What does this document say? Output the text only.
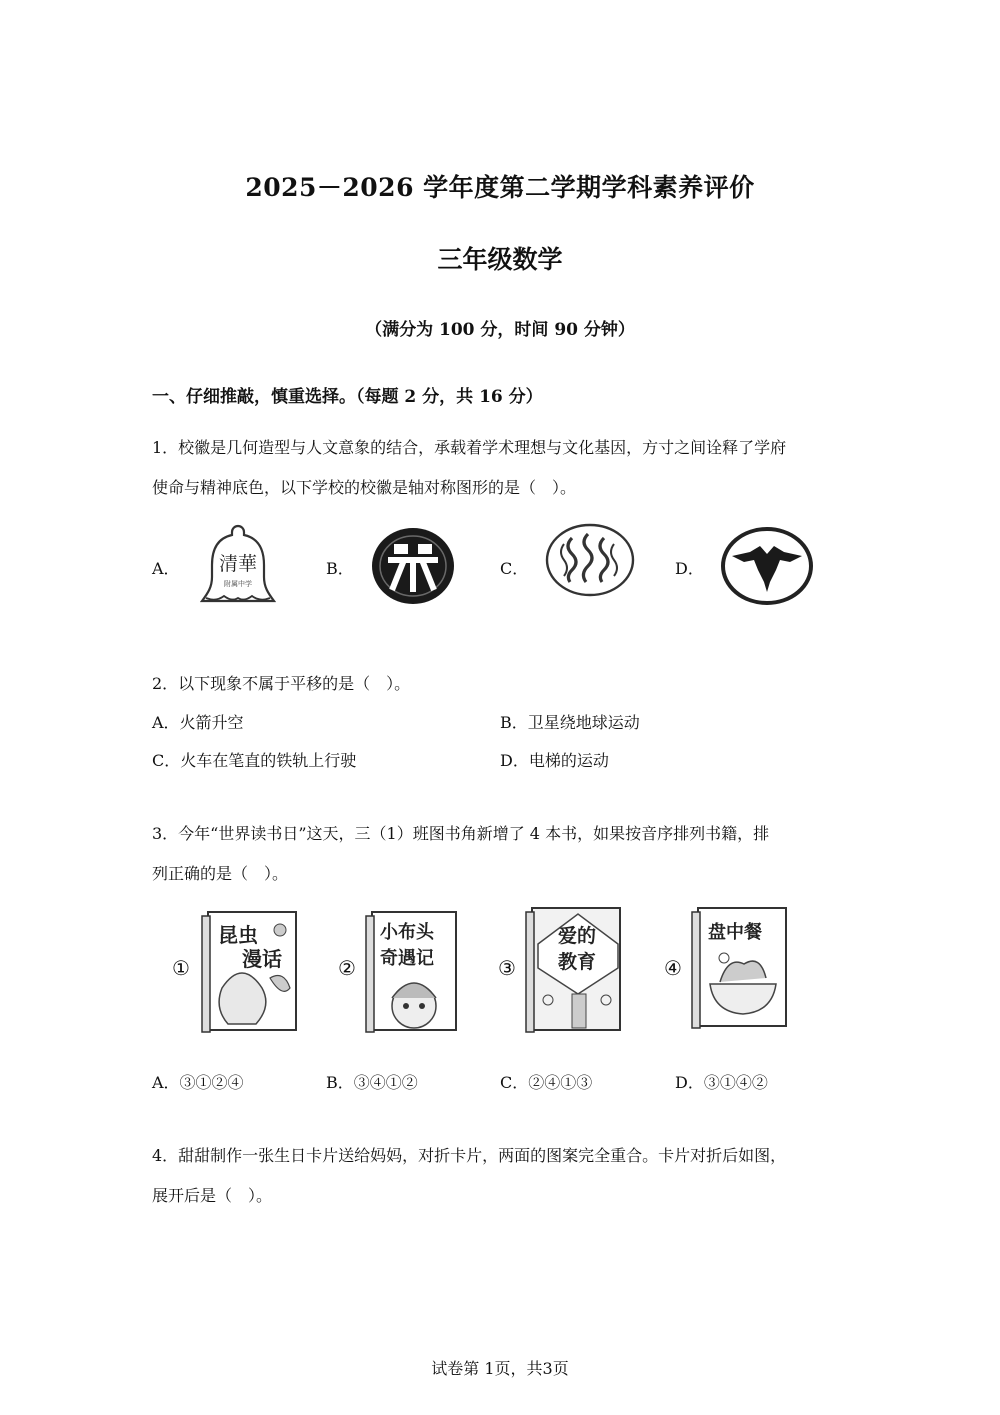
2025－2026 学年度第二学期学科素养评价
三年级数学
（满分为 100 分，时间 90 分钟）
一、仔细推敲，慎重选择。（每题 2 分，共 16 分）
1．校徽是几何造型与人文意象的结合，承载着学术理想与文化基因，方寸之间诠释了学府
使命与精神底色，以下学校的校徽是轴对称图形的是（　）。
A．	B．	C．	D．
清華
附属中学
2．以下现象不属于平移的是（　）。
A．火箭升空	B．卫星绕地球运动
C．火车在笔直的铁轨上行驶	D．电梯的运动
3．今年“世界读书日”这天，三（1）班图书角新增了 4 本书，如果按音序排列书籍，排
列正确的是（　）。
①
昆虫
漫话	②
小布头
奇遇记	③
爱的
教育	④
盘中餐
A．③①②④	B．③④①②	C．②④①③	D．③①④②
4．甜甜制作一张生日卡片送给妈妈，对折卡片，两面的图案完全重合。卡片对折后如图，
展开后是（　）。
试卷第 1页，共3页
